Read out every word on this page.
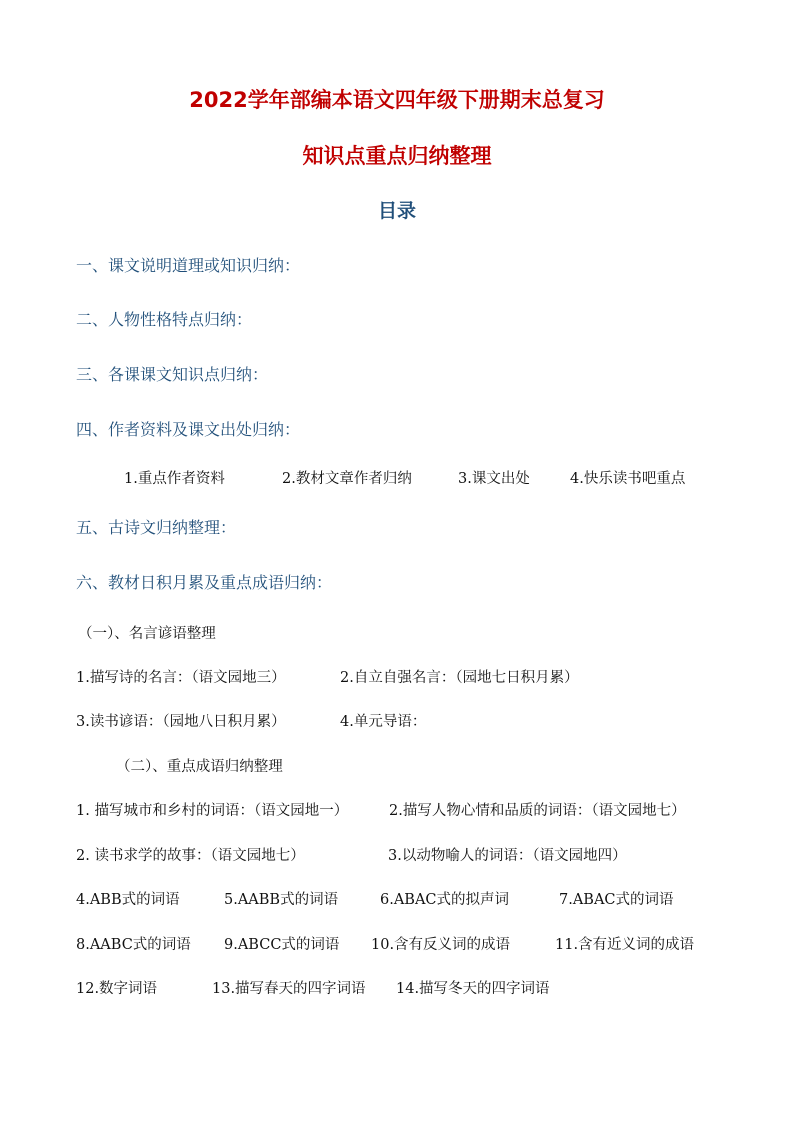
2022学年部编本语文四年级下册期末总复习
知识点重点归纳整理
目录

一、课文说明道理或知识归纳：

二、人物性格特点归纳：

三、各课课文知识点归纳：

四、作者资料及课文出处归纳：

1.重点作者资料	2.教材文章作者归纳	3.课文出处	4.快乐读书吧重点

五、古诗文归纳整理：

六、教材日积月累及重点成语归纳：

（一）、名言谚语整理

1.描写诗的名言：（语文园地三）	2.自立自强名言：（园地七日积月累）
3.读书谚语：（园地八日积月累）	4.单元导语：

（二）、重点成语归纳整理

1. 描写城市和乡村的词语：（语文园地一）	2.描写人物心情和品质的词语：（语文园地七）
2. 读书求学的故事：（语文园地七）	3.以动物喻人的词语：（语文园地四）
4.ABB式的词语	5.AABB式的词语	6.ABAC式的拟声词	7.ABAC式的词语
8.AABC式的词语 9.ABCC式的词语 10.含有反义词的成语	11.含有近义词的成语
12.数字词语	13.描写春天的四字词语 14.描写冬天的四字词语
